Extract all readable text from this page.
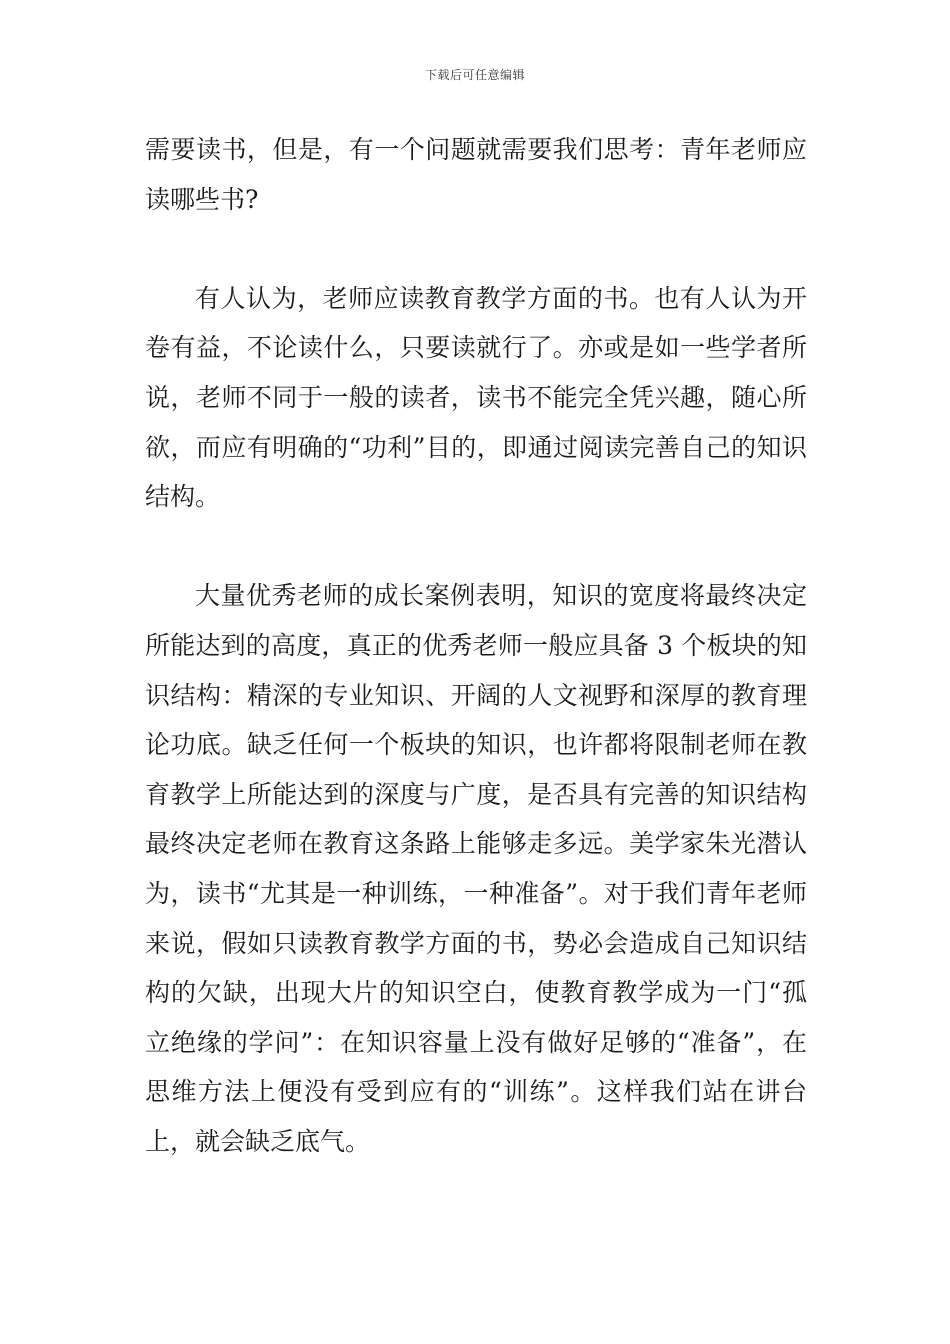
下载后可任意编辑

需要读书，但是，有一个问题就需要我们思考：青年老师应读哪些书?

有人认为，老师应读教育教学方面的书。也有人认为开卷有益，不论读什么，只要读就行了。亦或是如一些学者所说，老师不同于一般的读者，读书不能完全凭兴趣，随心所欲，而应有明确的“功利”目的，即通过阅读完善自己的知识结构。

大量优秀老师的成长案例表明，知识的宽度将最终决定所能达到的高度，真正的优秀老师一般应具备 3 个板块的知识结构：精深的专业知识、开阔的人文视野和深厚的教育理论功底。缺乏任何一个板块的知识，也许都将限制老师在教育教学上所能达到的深度与广度，是否具有完善的知识结构最终决定老师在教育这条路上能够走多远。美学家朱光潜认为，读书“尤其是一种训练，一种准备”。对于我们青年老师来说，假如只读教育教学方面的书，势必会造成自己知识结构的欠缺，出现大片的知识空白，使教育教学成为一门“孤立绝缘的学问”：在知识容量上没有做好足够的“准备”，在思维方法上便没有受到应有的“训练”。这样我们站在讲台上，就会缺乏底气。
